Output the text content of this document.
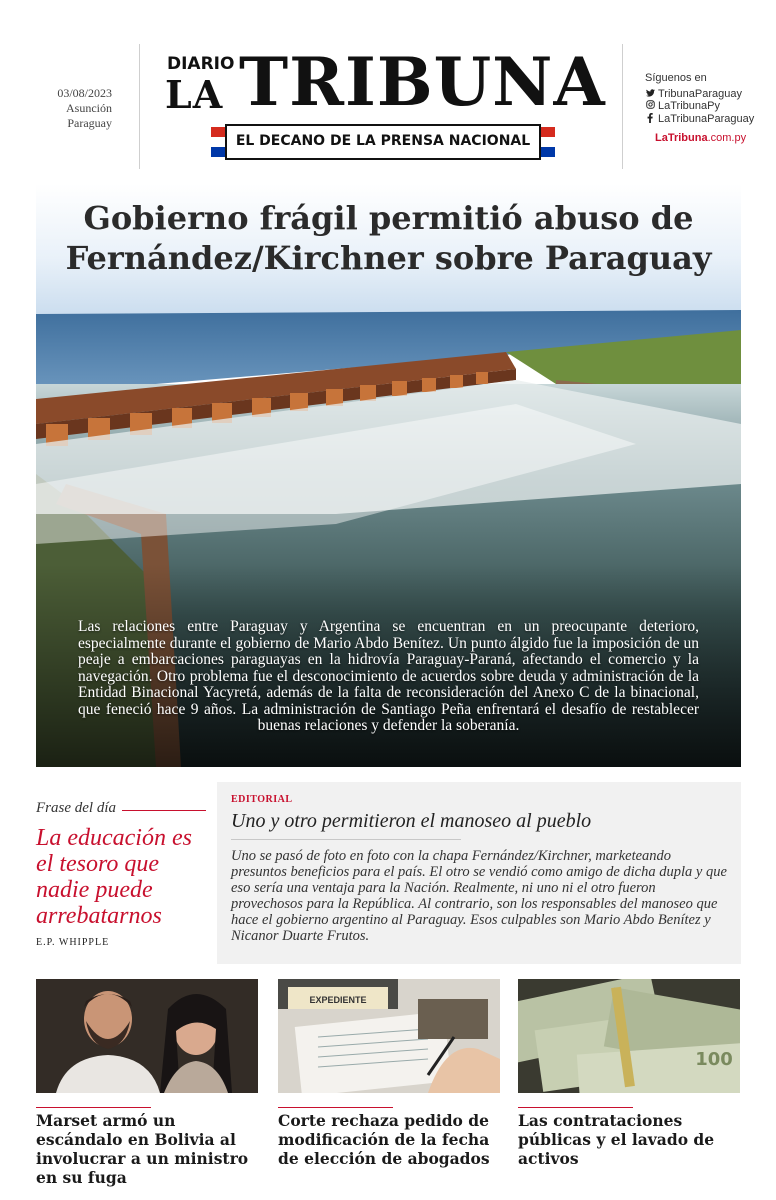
03/08/2023
Asunción
Paraguay
DIARIO
LA TRIBUNA
EL DECANO DE LA PRENSA NACIONAL
Síguenos en
TribunaParaguay
LaTribunaPy
LaTribunaParaguay
LaTribuna.com.py
Gobierno frágil permitió abuso de
Fernández/Kirchner sobre Paraguay
Las relaciones entre Paraguay y Argentina se encuentran en un preocupante deterioro, especialmente durante el gobierno de Mario Abdo Benítez. Un punto álgido fue la imposición de un peaje a embarcaciones paraguayas en la hidrovía Paraguay-Paraná, afectando el comercio y la navegación. Otro problema fue el desconocimiento de acuerdos sobre deuda y administración de la Entidad Binacional Yacyretá, además de la falta de reconsideración del Anexo C de la binacional, que feneció hace 9 años. La administración de Santiago Peña enfrentará el desafío de restablecer buenas relaciones y defender la soberanía.
Frase del día
La educación es el tesoro que nadie puede arrebatarnos
E.P. WHIPPLE
EDITORIAL
Uno y otro permitieron el manoseo al pueblo
Uno se pasó de foto en foto con la chapa Fernández/Kirchner, marketeando presuntos beneficios para el país. El otro se vendió como amigo de dicha dupla y que eso sería una ventaja para la Nación. Realmente, ni uno ni el otro fueron provechosos para la República. Al contrario, son los responsables del manoseo que hace el gobierno argentino al Paraguay. Esos culpables son Mario Abdo Benítez y Nicanor Duarte Frutos.
Marset armó un escándalo en Bolivia al involucrar a un ministro en su fuga
EXPEDIENTE
Corte rechaza pedido de modificación de la fecha de elección de abogados
100
Las contrataciones públicas y el lavado de activos
